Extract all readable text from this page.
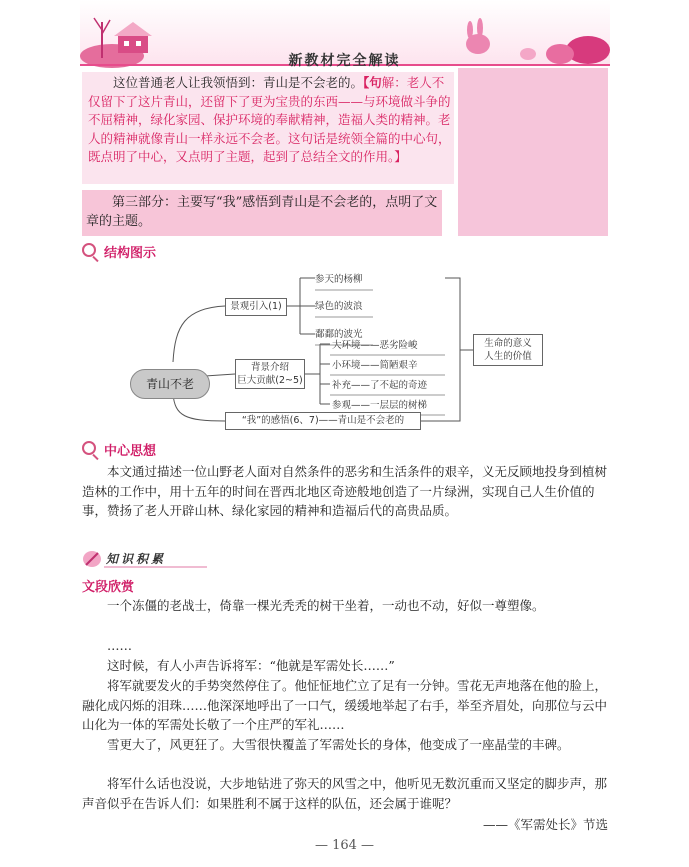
新教材完全解读
这位普通老人让我领悟到：青山是不会老的。【句解：老人不仅留下了这片青山，还留下了更为宝贵的东西——与环境做斗争的不屈精神，绿化家园、保护环境的奉献精神，造福人类的精神。老人的精神就像青山一样永远不会老。这句话是统领全篇的中心句，既点明了中心，又点明了主题，起到了总结全文的作用。】
第三部分：主要写“我”感悟到青山是不会老的，点明了文章的主题。
结构图示
青山不老
景观引入(1)
参天的杨柳
绿色的波浪
鄱鄱的波光
背景介绍
巨大贡献(2~5)
大环境——恶劣险峻
小环境——简陋艰辛
补充——了不起的奇迹
参观——一层层的树梯
“我”的感悟(6、7)——青山是不会老的
生命的意义
人生的价值
中心思想
本文通过描述一位山野老人面对自然条件的恶劣和生活条件的艰辛，义无反顾地投身到植树造林的工作中，用十五年的时间在晋西北地区奇迹般地创造了一片绿洲，实现自己人生价值的事，赞扬了老人开辟山林、绿化家园的精神和造福后代的高贵品质。
知识积累
文段欣赏
一个冻僵的老战士，倚靠一棵光秃秃的树干坐着，一动也不动，好似一尊塑像。
……
这时候，有人小声告诉将军：“他就是军需处长……”
将军就要发火的手势突然停住了。他怔怔地伫立了足有一分钟。雪花无声地落在他的脸上，融化成闪烁的泪珠……他深深地呼出了一口气，缓缓地举起了右手，举至齐眉处，向那位与云中山化为一体的军需处长敬了一个庄严的军礼……
雪更大了，风更狂了。大雪很快覆盖了军需处长的身体，他变成了一座晶莹的丰碑。
将军什么话也没说，大步地钻进了弥天的风雪之中，他听见无数沉重而又坚定的脚步声，那声音似乎在告诉人们：如果胜利不属于这样的队伍，还会属于谁呢？
——《军需处长》节选
— 164 —
